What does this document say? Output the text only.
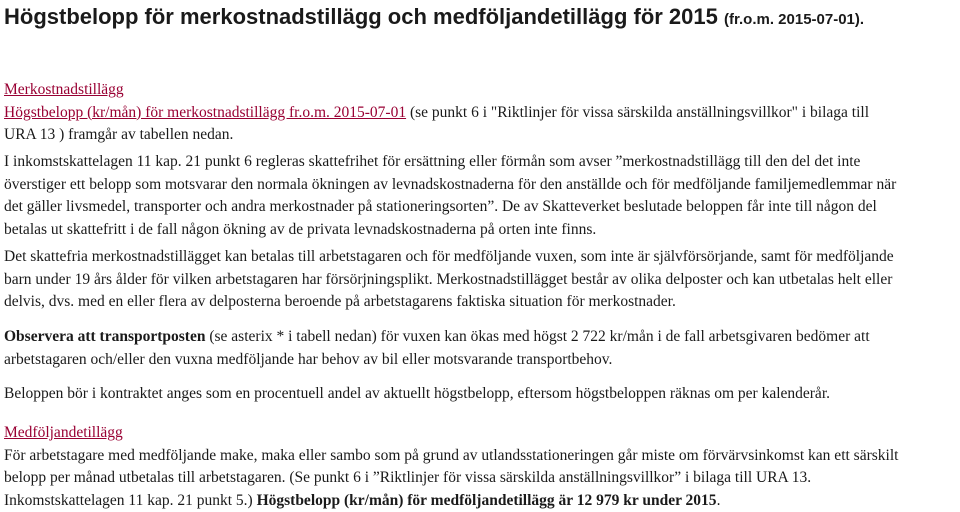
Högstbelopp för merkostnadstillägg och medföljandetillägg för 2015 (fr.o.m. 2015-07-01).
Merkostnadstillägg
Högstbelopp (kr/mån) för merkostnadstillägg fr.o.m. 2015-07-01 (se punkt 6 i "Riktlinjer för vissa särskilda anställningsvillkor" i bilaga till
URA 13 ) framgår av tabellen nedan.
I inkomstskattelagen 11 kap. 21 punkt 6 regleras skattefrihet för ersättning eller förmån som avser ”merkostnadstillägg till den del det inte
överstiger ett belopp som motsvarar den normala ökningen av levnadskostnaderna för den anställde och för medföljande familjemedlemmar när
det gäller livsmedel, transporter och andra merkostnader på stationeringsorten”. De av Skatteverket beslutade beloppen får inte till någon del
betalas ut skattefritt i de fall någon ökning av de privata levnadskostnaderna på orten inte finns.
Det skattefria merkostnadstillägget kan betalas till arbetstagaren och för medföljande vuxen, som inte är självförsörjande, samt för medföljande
barn under 19 års ålder för vilken arbetstagaren har försörjningsplikt. Merkostnadstillägget består av olika delposter och kan utbetalas helt eller
delvis, dvs. med en eller flera av delposterna beroende på arbetstagarens faktiska situation för merkostnader.
Observera att transportposten (se asterix * i tabell nedan) för vuxen kan ökas med högst 2 722 kr/mån i de fall arbetsgivaren bedömer att
arbetstagaren och/eller den vuxna medföljande har behov av bil eller motsvarande transportbehov.
Beloppen bör i kontraktet anges som en procentuell andel av aktuellt högstbelopp, eftersom högstbeloppen räknas om per kalenderår.
Medföljandetillägg
För arbetstagare med medföljande make, maka eller sambo som på grund av utlandsstationeringen går miste om förvärvsinkomst kan ett särskilt
belopp per månad utbetalas till arbetstagaren. (Se punkt 6 i ”Riktlinjer för vissa särskilda anställningsvillkor” i bilaga till URA 13.
Inkomstskattelagen 11 kap. 21 punkt 5.) Högstbelopp (kr/mån) för medföljandetillägg är 12 979 kr under 2015.
